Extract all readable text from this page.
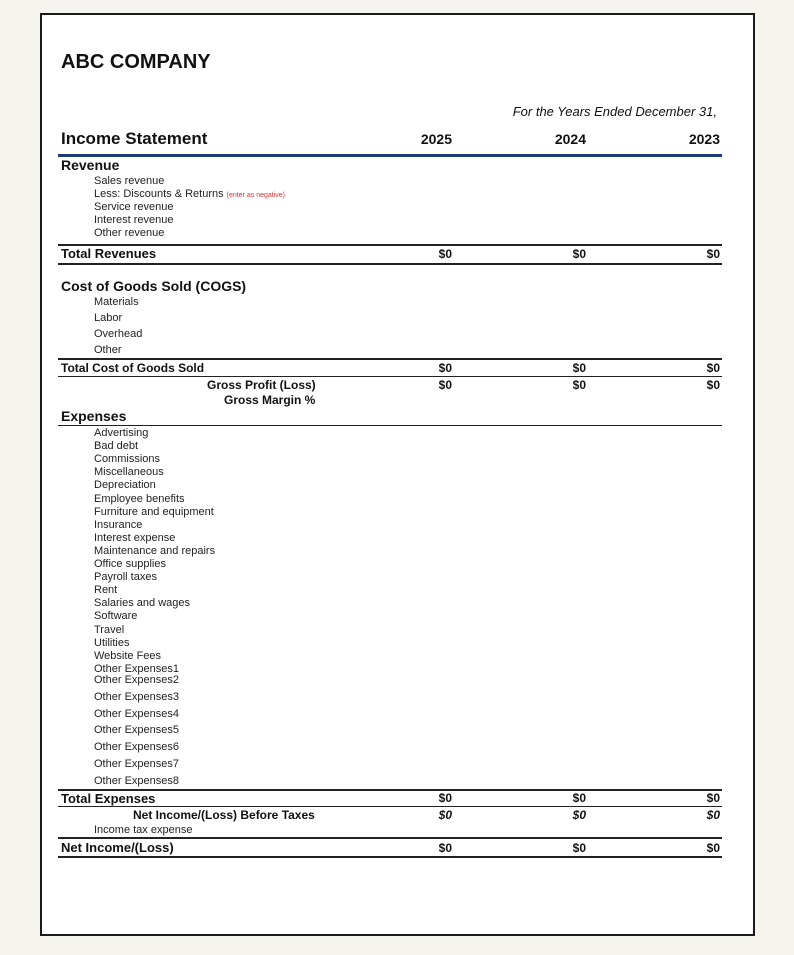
ABC COMPANY
For the Years Ended December 31,
Income Statement	2025	2024	2023
Revenue
Sales revenue
Less: Discounts & Returns (enter as negative)
Service revenue
Interest revenue
Other revenue
Total Revenues	$0	$0	$0
Cost of Goods Sold (COGS)
Materials
Labor
Overhead
Other
Total Cost of Goods Sold	$0	$0	$0
Gross Profit (Loss)	$0	$0	$0
Gross Margin %
Expenses
Advertising
Bad debt
Commissions
Miscellaneous
Depreciation
Employee benefits
Furniture and equipment
Insurance
Interest expense
Maintenance and repairs
Office supplies
Payroll taxes
Rent
Salaries and wages
Software
Travel
Utilities
Website Fees
Other Expenses1
Other Expenses2
Other Expenses3
Other Expenses4
Other Expenses5
Other Expenses6
Other Expenses7
Other Expenses8
Total Expenses	$0	$0	$0
Net Income/(Loss) Before Taxes	$0	$0	$0
Income tax expense
Net Income/(Loss)	$0	$0	$0
